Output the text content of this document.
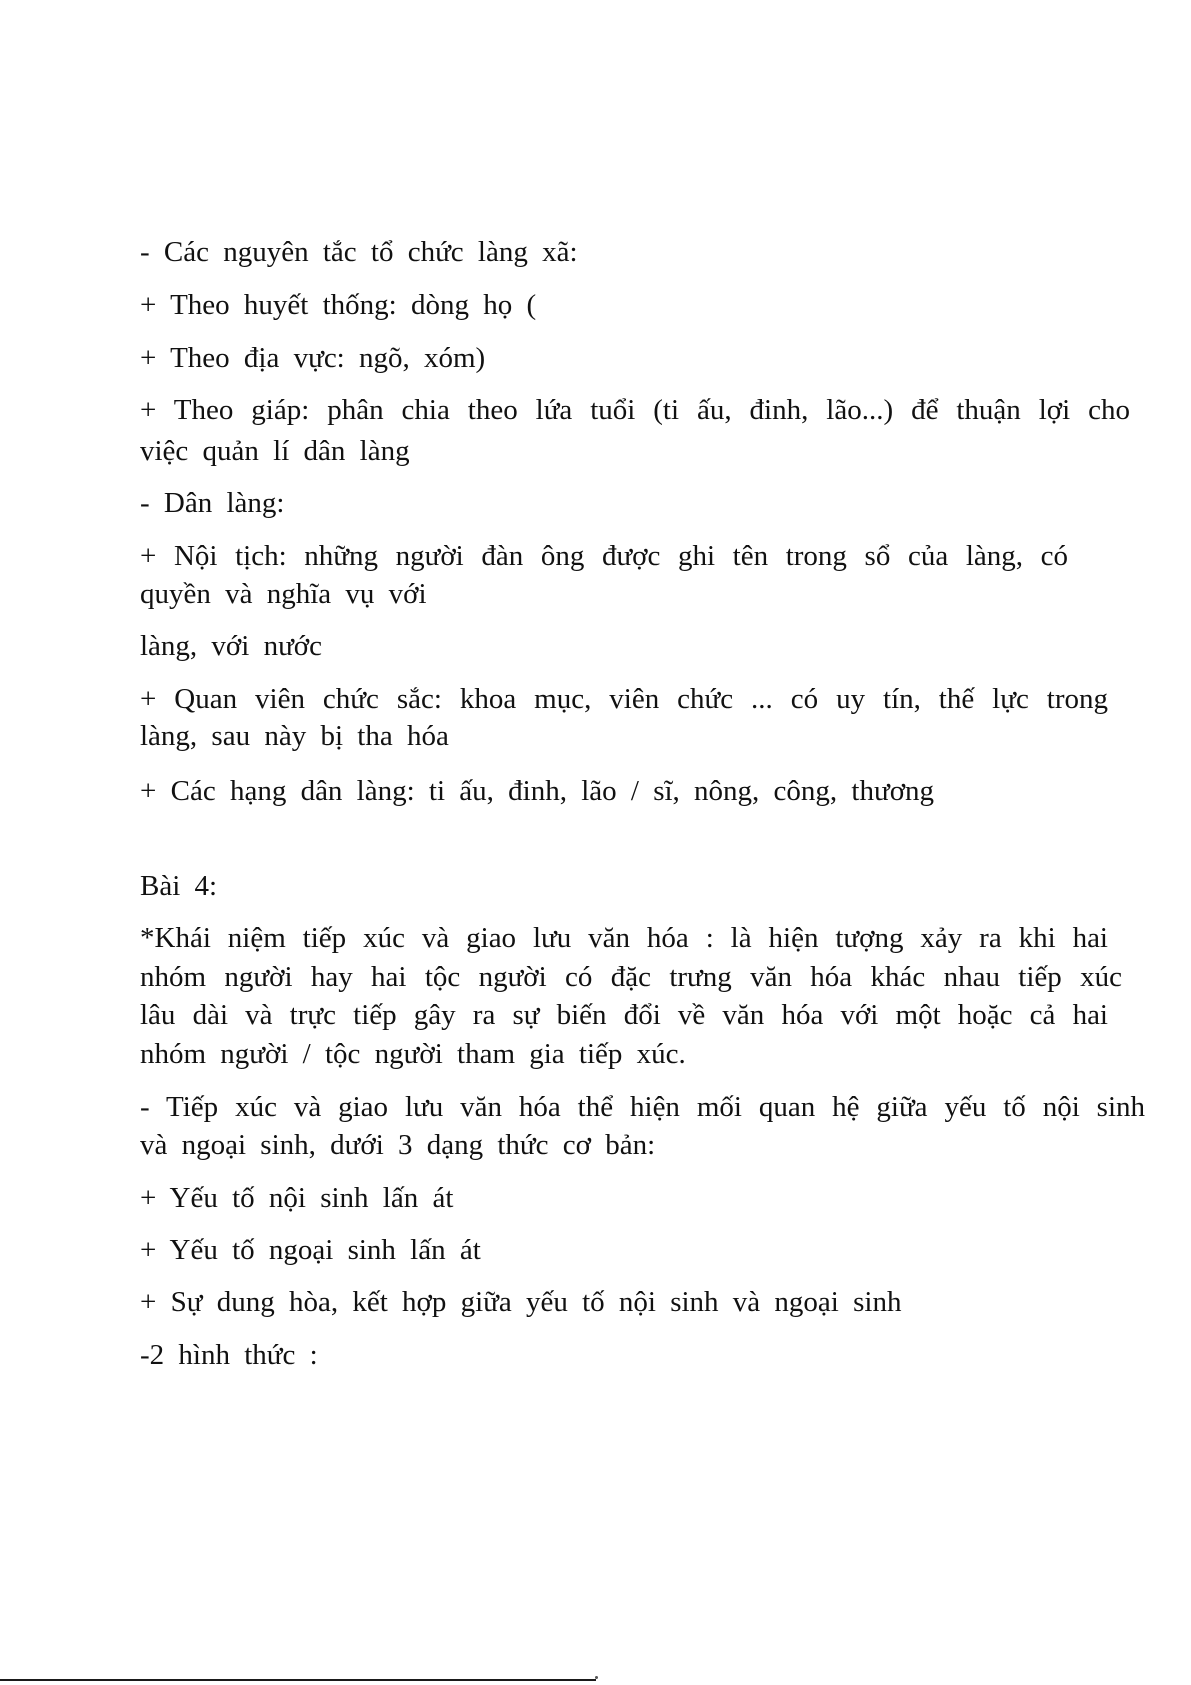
- Các nguyên tắc tổ chức làng xã:

+ Theo huyết thống: dòng họ (

+ Theo địa vực: ngõ, xóm)

+ Theo giáp: phân chia theo lứa tuổi (ti ấu, đinh, lão...) để thuận lợi cho

việc quản lí dân làng

- Dân làng:

+ Nội tịch: những người đàn ông được ghi tên trong sổ của làng, có

quyền và nghĩa vụ với

làng, với nước

+ Quan viên chức sắc: khoa mục, viên chức ... có uy tín, thế lực trong

làng, sau này bị tha hóa

+ Các hạng dân làng: ti ấu, đinh, lão / sĩ, nông, công, thương

Bài 4:

*Khái niệm tiếp xúc và giao lưu văn hóa : là hiện tượng xảy ra khi hai

nhóm người hay hai tộc người có đặc trưng văn hóa khác nhau tiếp xúc

lâu dài và trực tiếp gây ra sự biến đổi về văn hóa với một hoặc cả hai

nhóm người / tộc người tham gia tiếp xúc.

- Tiếp xúc và giao lưu văn hóa thể hiện mối quan hệ giữa yếu tố nội sinh

và ngoại sinh, dưới 3 dạng thức cơ bản:

+ Yếu tố nội sinh lấn át

+ Yếu tố ngoại sinh lấn át

+ Sự dung hòa, kết hợp giữa yếu tố nội sinh và ngoại sinh

-2 hình thức :
